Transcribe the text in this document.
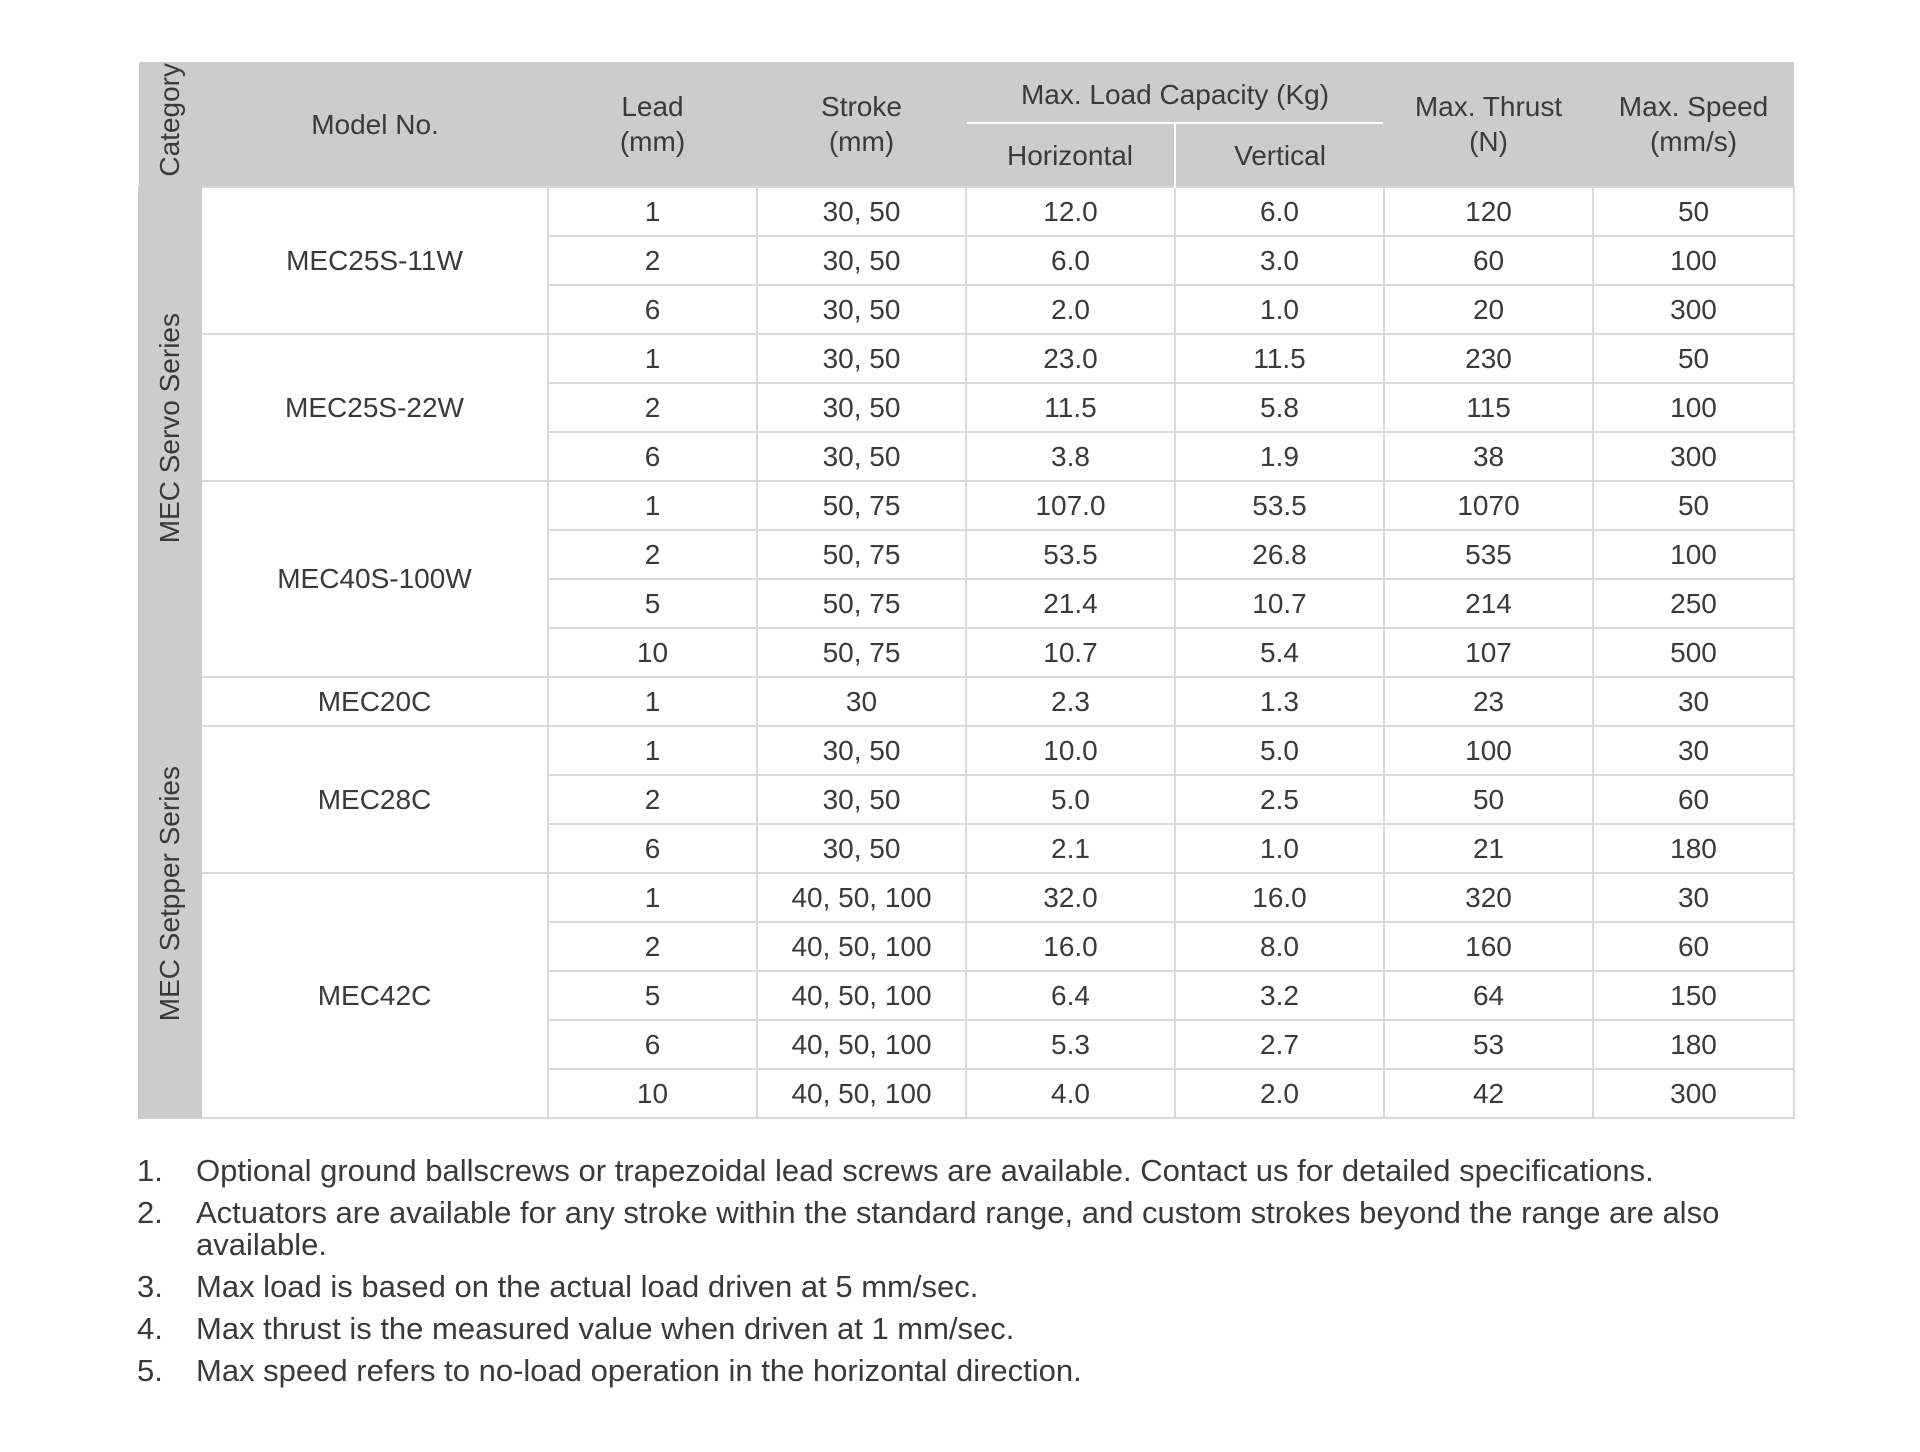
Category	Model No.	Lead (mm)	Stroke (mm)	Max. Load Capacity (Kg)		Max. Thrust (N)	Max. Speed (mm/s)

				Horizontal	Vertical		
MEC Servo Series	MEC25S-11W	1	30, 50	12.0	6.0	120	50
		2	30, 50	6.0	3.0	60	100
		6	30, 50	2.0	1.0	20	300
	MEC25S-22W	1	30, 50	23.0	11.5	230	50
		2	30, 50	11.5	5.8	115	100
		6	30, 50	3.8	1.9	38	300
	MEC40S-100W	1	50, 75	107.0	53.5	1070	50
		2	50, 75	53.5	26.8	535	100
		5	50, 75	21.4	10.7	214	250
		10	50, 75	10.7	5.4	107	500
MEC Setpper Series	MEC20C	1	30	2.3	1.3	23	30
	MEC28C	1	30, 50	10.0	5.0	100	30
		2	30, 50	5.0	2.5	50	60
		6	30, 50	2.1	1.0	21	180
	MEC42C	1	40, 50, 100	32.0	16.0	320	30
		2	40, 50, 100	16.0	8.0	160	60
		5	40, 50, 100	6.4	3.2	64	150
		6	40, 50, 100	5.3	2.7	53	180
		10	40, 50, 100	4.0	2.0	42	300
1. Optional ground ballscrews or trapezoidal lead screws are available. Contact us for detailed specifications.
2. Actuators are available for any stroke within the standard range, and custom strokes beyond the range are also available.
3. Max load is based on the actual load driven at 5 mm/sec.
4. Max thrust is the measured value when driven at 1 mm/sec.
5. Max speed refers to no-load operation in the horizontal direction.
